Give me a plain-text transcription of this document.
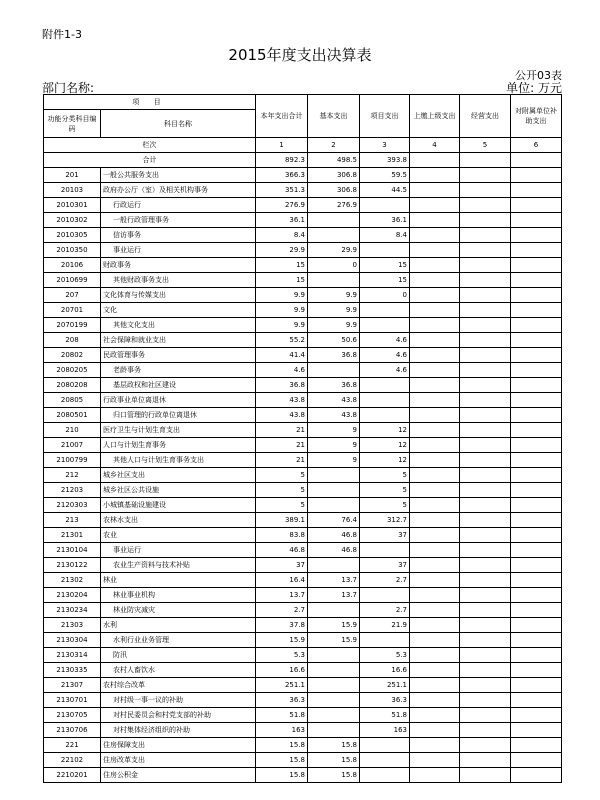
附件1-3
2015年度支出决算表
公开03表
部门名称:	单位: 万元
项 目		本年支出合计	基本支出	项目支出	上缴上级支出	经营支出	对附属单位补助支出
功能分类科目编码	科目名称						
栏次		1	2	3	4	5	6
合计		892.3	498.5	393.8			
201	一般公共服务支出	366.3	306.8	59.5			
20103	政府办公厅（室）及相关机构事务	351.3	306.8	44.5			
2010301	行政运行	276.9	276.9				
2010302	一般行政管理事务	36.1		36.1			
2010305	信访事务	8.4		8.4			
2010350	事业运行	29.9	29.9				
20106	财政事务	15	0	15			
2010699	其他财政事务支出	15		15			
207	文化体育与传媒支出	9.9	9.9	0			
20701	文化	9.9	9.9				
2070199	其他文化支出	9.9	9.9				
208	社会保障和就业支出	55.2	50.6	4.6			
20802	民政管理事务	41.4	36.8	4.6			
2080205	老龄事务	4.6		4.6			
2080208	基层政权和社区建设	36.8	36.8				
20805	行政事业单位离退休	43.8	43.8				
2080501	归口管理的行政单位离退休	43.8	43.8				
210	医疗卫生与计划生育支出	21	9	12			
21007	人口与计划生育事务	21	9	12			
2100799	其他人口与计划生育事务支出	21	9	12			
212	城乡社区支出	5		5			
21203	城乡社区公共设施	5		5			
2120303	小城镇基础设施建设	5		5			
213	农林水支出	389.1	76.4	312.7			
21301	农业	83.8	46.8	37			
2130104	事业运行	46.8	46.8				
2130122	农业生产资料与技术补贴	37		37			
21302	林业	16.4	13.7	2.7			
2130204	林业事业机构	13.7	13.7				
2130234	林业防灾减灾	2.7		2.7			
21303	水利	37.8	15.9	21.9			
2130304	水利行业业务管理	15.9	15.9				
2130314	防汛	5.3		5.3			
2130335	农村人畜饮水	16.6		16.6			
21307	农村综合改革	251.1		251.1			
2130701	对村级一事一议的补助	36.3		36.3			
2130705	对村民委员会和村党支部的补助	51.8		51.8			
2130706	对村集体经济组织的补助	163		163			
221	住房保障支出	15.8	15.8				
22102	住房改革支出	15.8	15.8				
2210201	住房公积金	15.8	15.8				
